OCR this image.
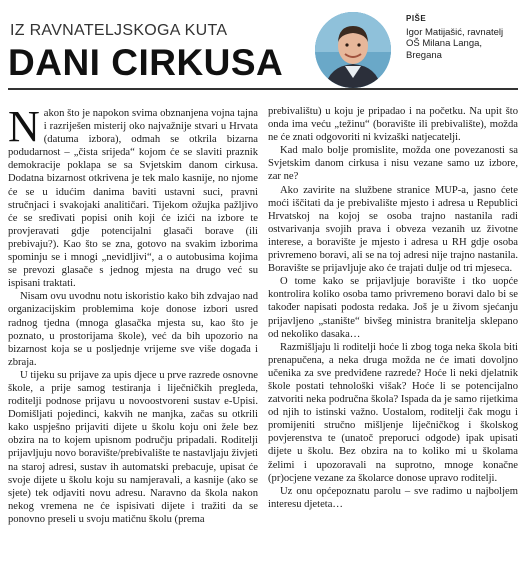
IZ RAVNATELJSKOGA KUTA
DANI CIRKUSA
PIŠE
Igor Matijašić, ravnatelj
OŠ Milana Langa, Bregana

Nakon što je napokon svima obznanjena vojna tajna i razriješen misterij oko najvažnije stvari u Hrvata (datuma izbora), odmah se otkrila bizarna podudarnost – „čista srijeda“ kojom će se slaviti praznik demokracije poklapa se sa Svjetskim danom cirkusa. Dodatna bizarnost otkrivena je tek malo kasnije, no njome će se u idućim danima baviti ustavni suci, pravni stručnjaci i svakojaki analitičari. Tijekom ožujka pažljivo će se sređivati popisi onih koji će izići na izbore te provjeravati gdje potencijalni glasači borave (ili prebivaju?). Kao što se zna, gotovo na svakim izborima spominju se i mnogi „nevidljivi“, a o autobusima kojima se prevozi glasače s jednog mjesta na drugo već su ispisani traktati.

Nisam ovu uvodnu notu iskoristio kako bih zdvajao nad organizacijskim problemima koje donose izbori usred radnog tjedna (mnoga glasačka mjesta su, kao što je poznato, u prostorijama škole), već da bih upozorio na bizarnost koja se u posljednje vrijeme sve više događa i zbraja.

U tijeku su prijave za upis djece u prve razrede osnovne škole, a prije samog testiranja i liječničkih pregleda, roditelji podnose prijavu u novoostvoreni sustav e-Upisi. Domišljati pojedinci, kakvih ne manjka, začas su otkrili kako uspješno prijaviti dijete u školu koju oni žele bez obzira na to kojem upisnom području pripadali. Roditelji prijavljuju novo boravište/prebivalište te nastavljaju živjeti na staroj adresi, sustav ih automatski prebacuje, upisat će svoje dijete u školu koju su namjeravali, a kasnije (ako se sjete) tek odjaviti novu adresu. Naravno da škola nakon nekog vremena ne će ispisivati dijete i tražiti da se ponovno preseli u svoju matičnu školu (prema

prebivalištu) u koju je pripadao i na početku. Na upit što onda ima veću „težinu“ (boravište ili prebivalište), možda ne će znati odgovoriti ni kvizaški natjecatelji.

Kad malo bolje promislite, možda one povezanosti sa Svjetskim danom cirkusa i nisu vezane samo uz izbore, zar ne?

Ako zavirite na službene stranice MUP-a, jasno ćete moći iščitati da je prebivalište mjesto i adresa u Republici Hrvatskoj na kojoj se osoba trajno nastanila radi ostvarivanja svojih prava i obveza vezanih uz životne interese, a boravište je mjesto i adresa u RH gdje osoba privremeno boravi, ali se na toj adresi nije trajno nastanila. Boravište se prijavljuje ako će trajati dulje od tri mjeseca.

O tome kako se prijavljuje boravište i tko uopće kontrolira koliko osoba tamo privremeno boravi dalo bi se također napisati podosta redaka. Još je u živom sjećanju prijavljeno „stanište“ bivšeg ministra branitelja sklepano od nekoliko dasaka…

Razmišljaju li roditelji hoće li zbog toga neka škola biti prenapučena, a neka druga možda ne će imati dovoljno učenika za sve predviđene razrede? Hoće li neki djelatnik škole postati tehnološki višak? Hoće li se potencijalno zatvoriti neka područna škola? Ispada da je samo rijetkima od njih to istinski važno. Uostalom, roditelji čak mogu i promijeniti stručno mišljenje liječničkog i školskog povjerenstva te (unatoč preporuci odgode) ipak upisati dijete u školu. Bez obzira na to koliko mi u školama želimi i upozoravali na suprotno, mnoge konačne (pr)ocjene vezane za školarce donose upravo roditelji.

Uz onu općepoznatu parolu – sve radimo u najboljem interesu djeteta…
